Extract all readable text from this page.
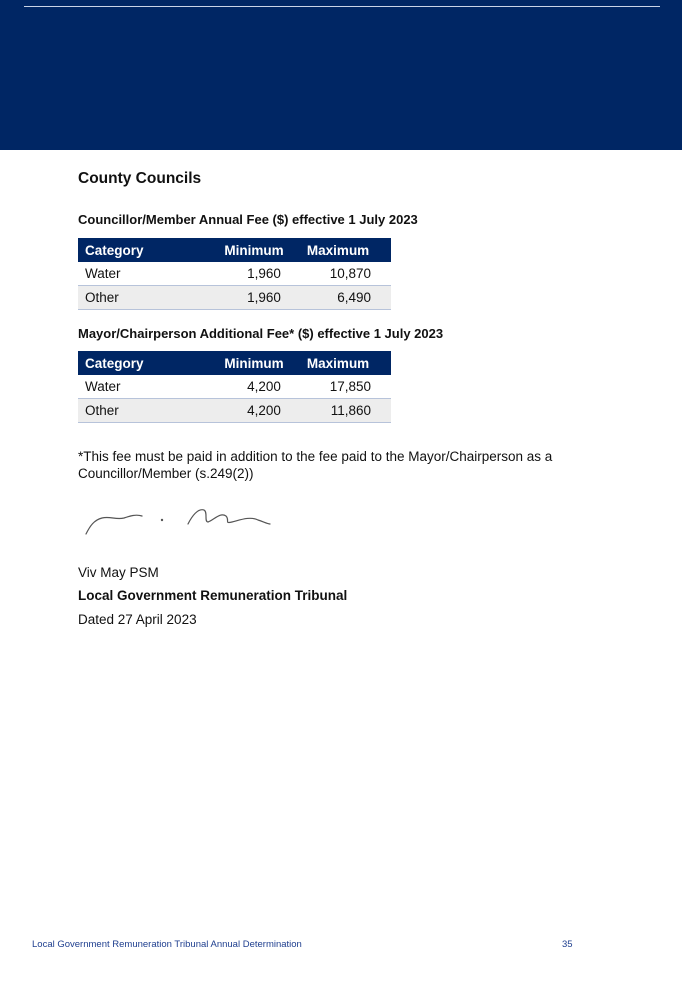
County Councils

Councillor/Member Annual Fee ($) effective 1 July 2023

Category	Minimum	Maximum
Water	1,960	10,870
Other	1,960	6,490

Mayor/Chairperson Additional Fee* ($) effective 1 July 2023

Category	Minimum	Maximum
Water	4,200	17,850
Other	4,200	11,860

*This fee must be paid in addition to the fee paid to the Mayor/Chairperson as a Councillor/Member (s.249(2))

Viv May PSM

Local Government Remuneration Tribunal

Dated 27 April 2023

Local Government Remuneration Tribunal Annual Determination	35
